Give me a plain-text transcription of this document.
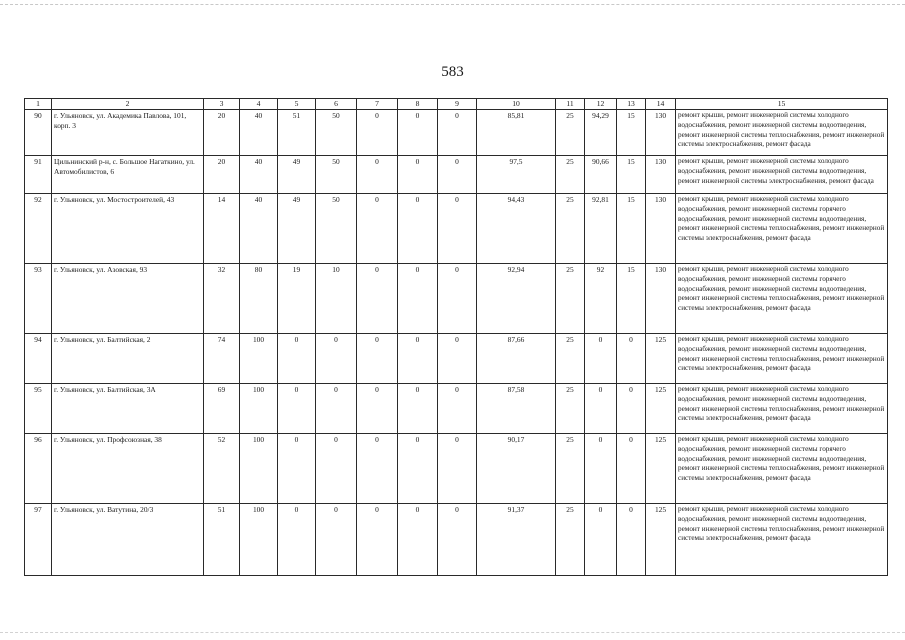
583
1	2	3	4	5	6	7	8	9	10	11	12	13	14	15
90	г. Ульяновск, ул. Академика Павлова, 101, корп. 3	20	40	51	50	0	0	0	85,81	25	94,29	15	130	ремонт крыши, ремонт инженерной системы холодного водоснабжения, ремонт инженерной системы водоотведения, ремонт инженерной системы теплоснабжения, ремонт инженерной системы электроснабжения, ремонт фасада
91	Цильнинский р-н, с. Большое Нагаткино, ул. Автомобилистов, 6	20	40	49	50	0	0	0	97,5	25	90,66	15	130	ремонт крыши, ремонт инженерной системы холодного водоснабжения, ремонт инженерной системы водоотведения, ремонт инженерной системы электроснабжения, ремонт фасада
92	г. Ульяновск, ул. Мостостроителей, 43	14	40	49	50	0	0	0	94,43	25	92,81	15	130	ремонт крыши, ремонт инженерной системы холодного водоснабжения, ремонт инженерной системы горячего водоснабжения, ремонт инженерной системы водоотведения, ремонт инженерной системы теплоснабжения, ремонт инженерной системы электроснабжения, ремонт фасада
93	г. Ульяновск, ул. Азовская, 93	32	80	19	10	0	0	0	92,94	25	92	15	130	ремонт крыши, ремонт инженерной системы холодного водоснабжения, ремонт инженерной системы горячего водоснабжения, ремонт инженерной системы водоотведения, ремонт инженерной системы теплоснабжения, ремонт инженерной системы электроснабжения, ремонт фасада
94	г. Ульяновск, ул. Балтийская, 2	74	100	0	0	0	0	0	87,66	25	0	0	125	ремонт крыши, ремонт инженерной системы холодного водоснабжения, ремонт инженерной системы водоотведения, ремонт инженерной системы теплоснабжения, ремонт инженерной системы электроснабжения, ремонт фасада
95	г. Ульяновск, ул. Балтийская, 3А	69	100	0	0	0	0	0	87,58	25	0	0	125	ремонт крыши, ремонт инженерной системы холодного водоснабжения, ремонт инженерной системы водоотведения, ремонт инженерной системы теплоснабжения, ремонт инженерной системы электроснабжения, ремонт фасада
96	г. Ульяновск, ул. Профсоюзная, 38	52	100	0	0	0	0	0	90,17	25	0	0	125	ремонт крыши, ремонт инженерной системы холодного водоснабжения, ремонт инженерной системы горячего водоснабжения, ремонт инженерной системы водоотведения, ремонт инженерной системы теплоснабжения, ремонт инженерной системы электроснабжения, ремонт фасада
97	г. Ульяновск, ул. Ватутина, 20/3	51	100	0	0	0	0	0	91,37	25	0	0	125	ремонт крыши, ремонт инженерной системы холодного водоснабжения, ремонт инженерной системы водоотведения, ремонт инженерной системы теплоснабжения, ремонт инженерной системы электроснабжения, ремонт фасада
